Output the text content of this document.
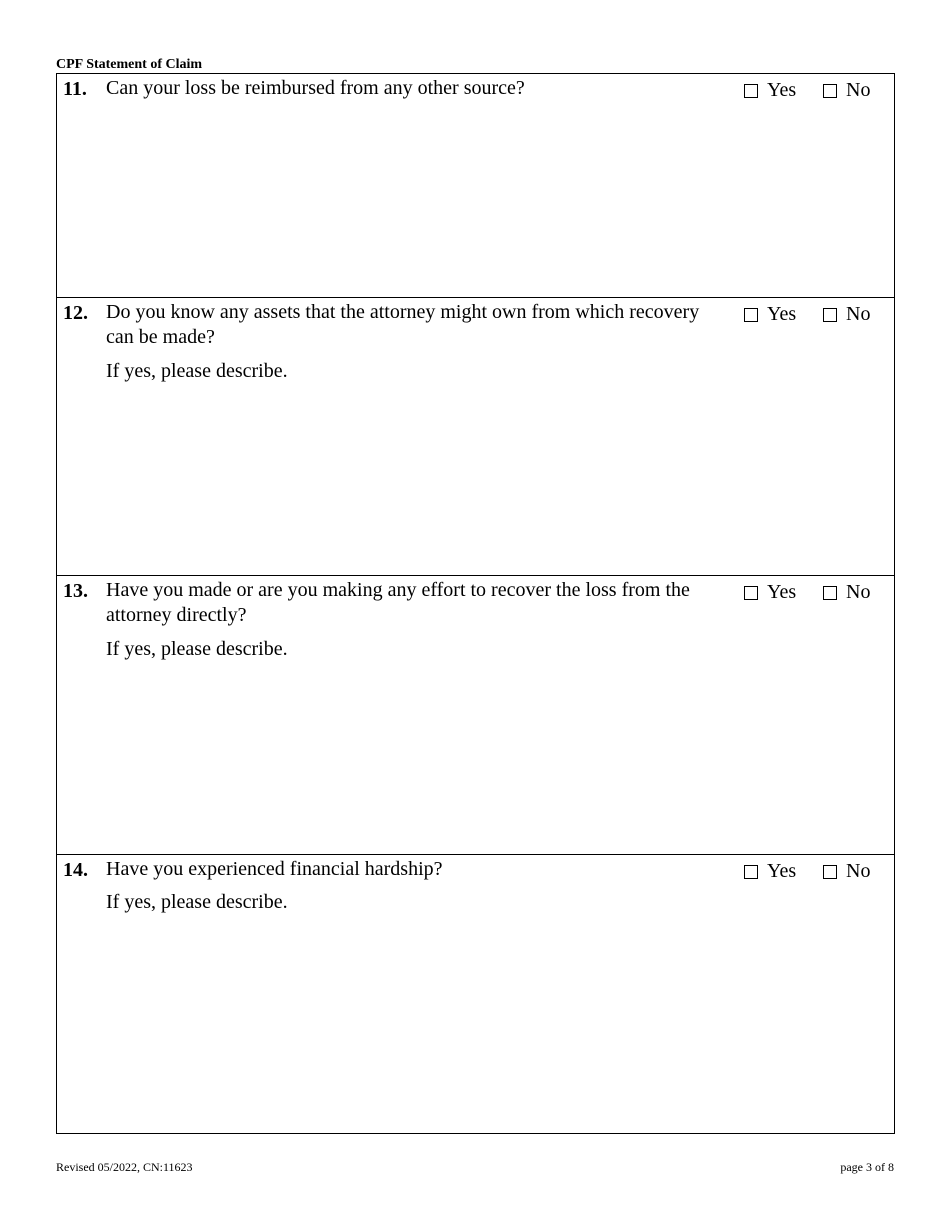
CPF Statement of Claim
11. Can your loss be reimbursed from any other source?	Yes No
12. Do you know any assets that the attorney might own from which recovery can be made?
If yes, please describe.
Yes No
13. Have you made or are you making any effort to recover the loss from the attorney directly?
If yes, please describe.
Yes No
14. Have you experienced financial hardship?
If yes, please describe.
Yes No
Revised 05/2022, CN:11623	page 3 of 8
